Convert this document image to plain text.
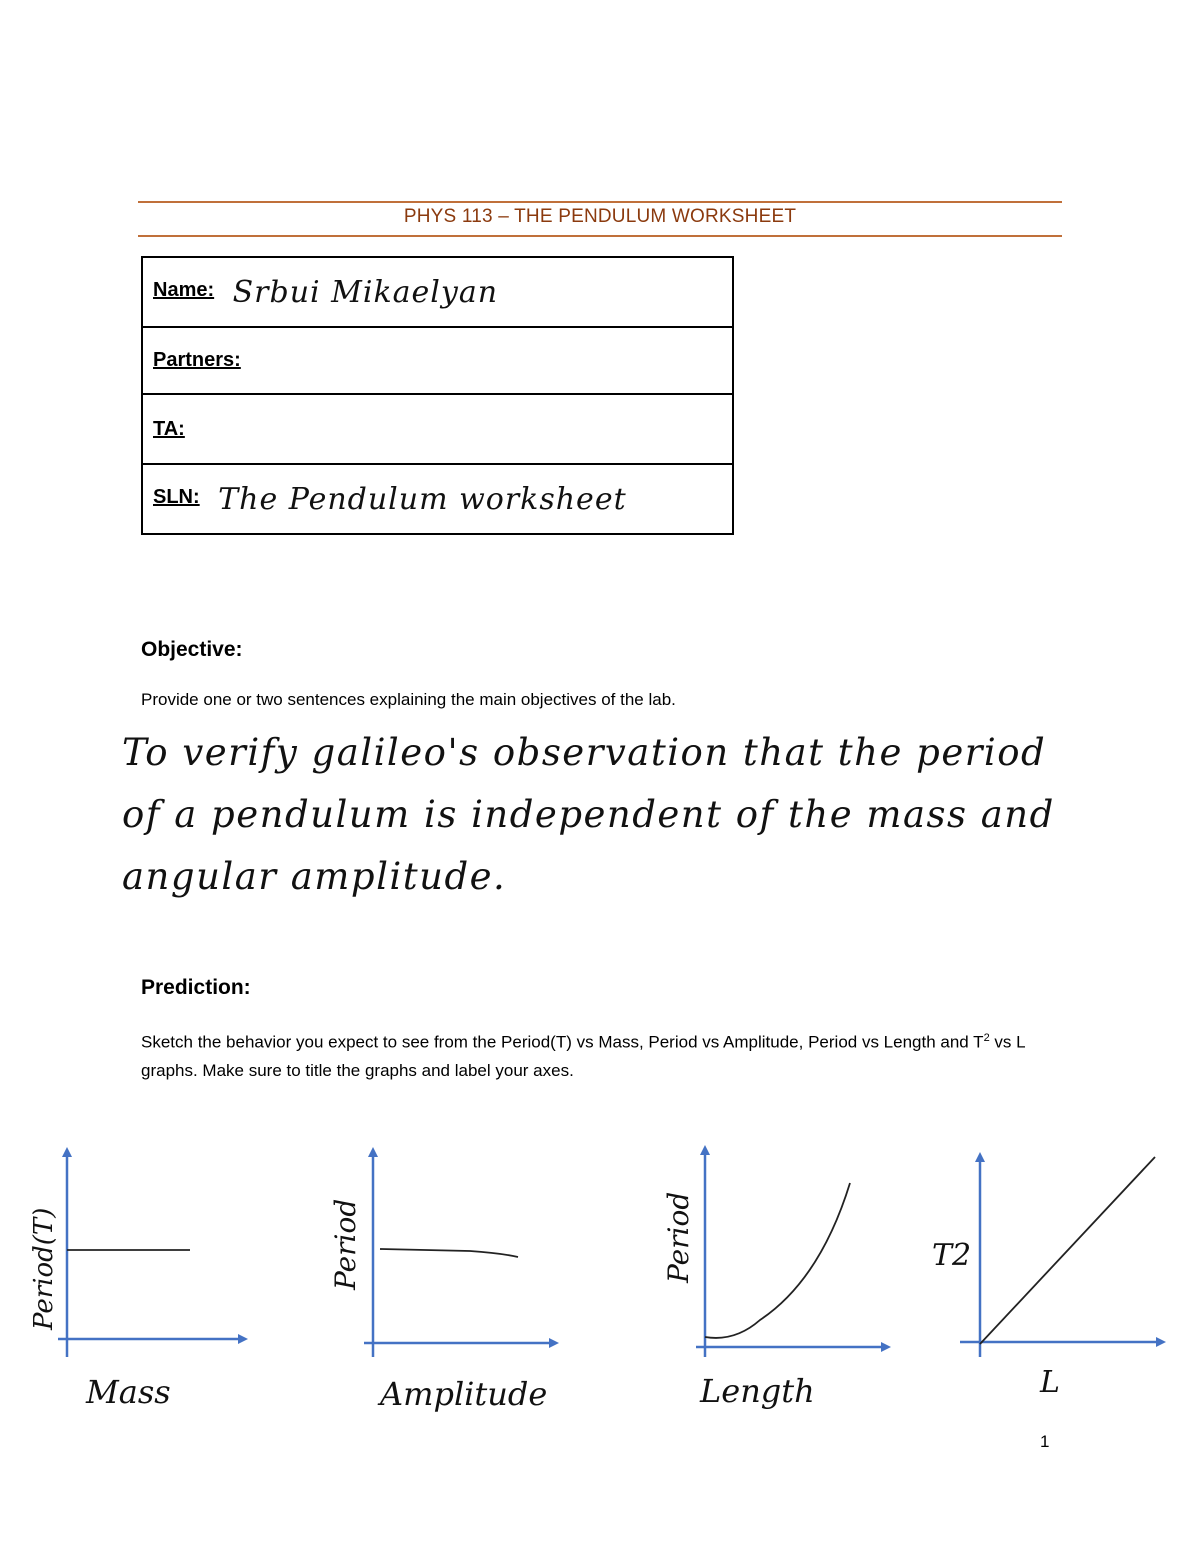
PHYS 113 – THE PENDULUM WORKSHEET
Name: Srbui Mikaelyan
Partners:
TA:
SLN: The Pendulum worksheet
Objective:
Provide one or two sentences explaining the main objectives of the lab.
To verify galileo's observation that the period of a pendulum is independent of the mass and angular amplitude.
Prediction:
Sketch the behavior you expect to see from the Period(T) vs Mass, Period vs Amplitude, Period vs Length and $T^2$ vs L graphs. Make sure to title the graphs and label your axes.
Period(T)
Mass
Period
Amplitude
Period
Length
T2
L
1
